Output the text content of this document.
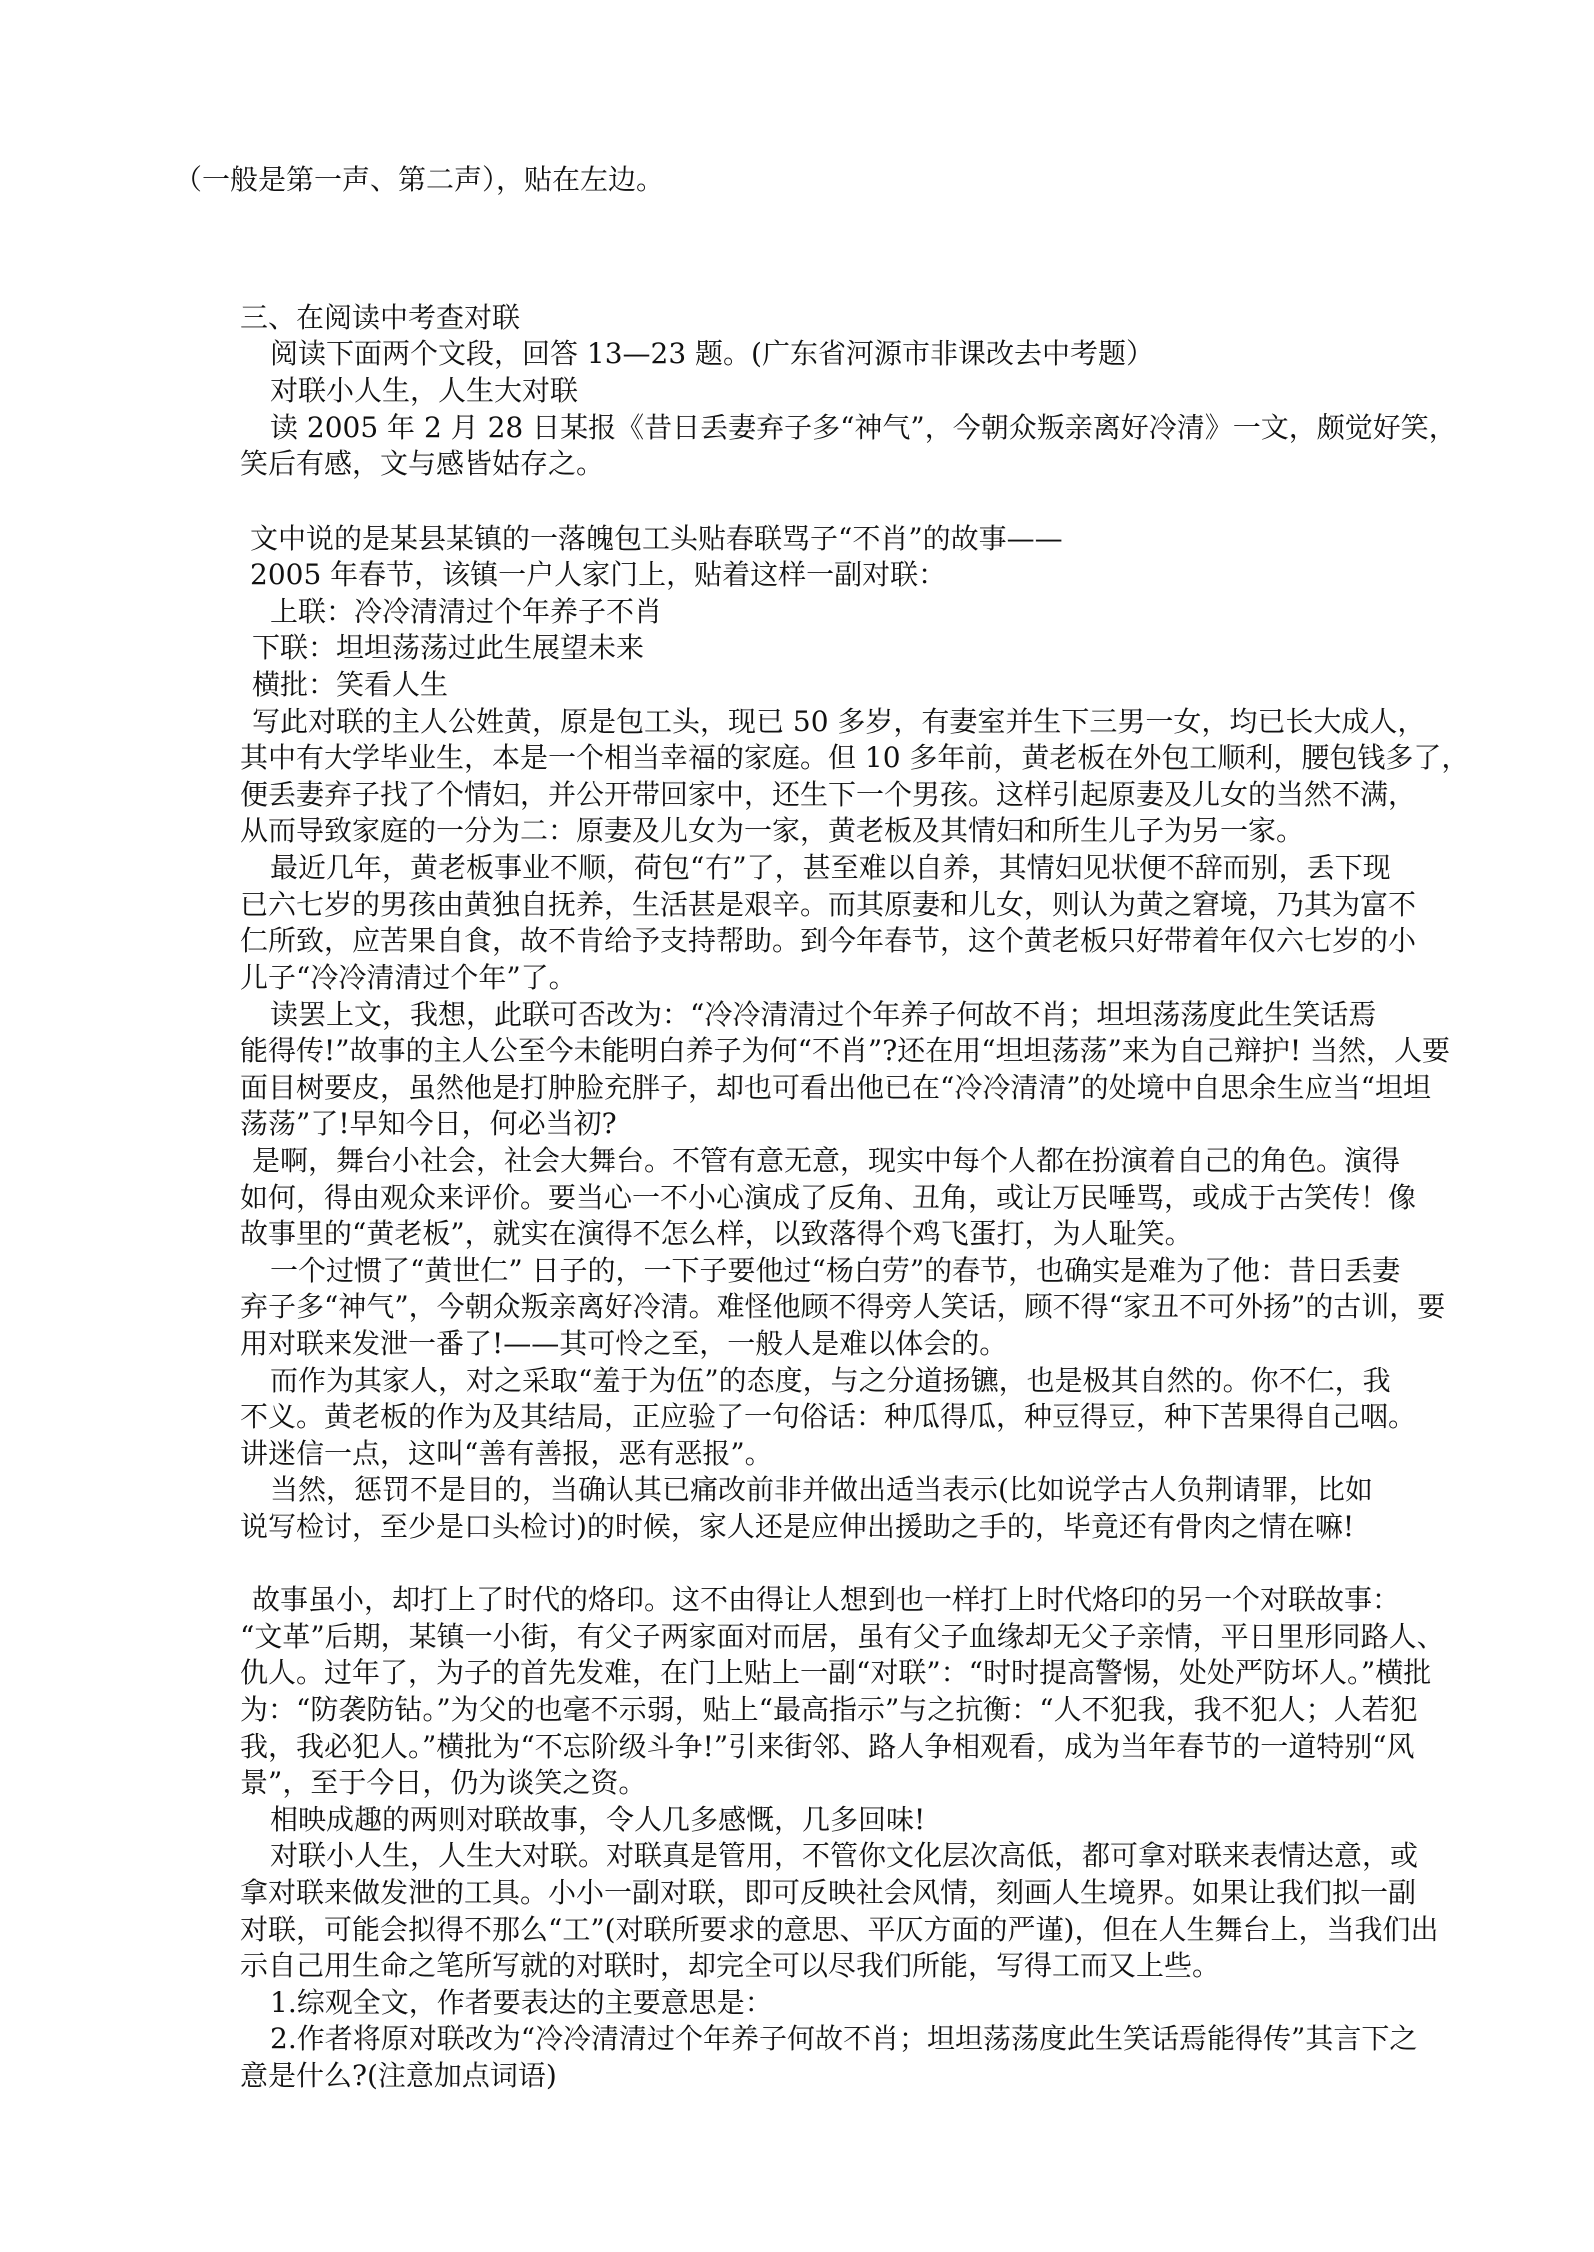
（一般是第一声、第二声），贴在左边。
三、在阅读中考查对联
阅读下面两个文段，回答 13—23 题。(广东省河源市非课改去中考题）
对联小人生，人生大对联
读 2005 年 2 月 28 日某报《昔日丢妻弃子多“神气”，今朝众叛亲离好冷清》一文，颇觉好笑，
笑后有感，文与感皆姑存之。
文中说的是某县某镇的一落魄包工头贴春联骂子“不肖”的故事——
2005 年春节，该镇一户人家门上，贴着这样一副对联：
上联：冷冷清清过个年养子不肖
下联：坦坦荡荡过此生展望未来
横批：笑看人生
写此对联的主人公姓黄，原是包工头，现已 50 多岁，有妻室并生下三男一女，均已长大成人，
其中有大学毕业生，本是一个相当幸福的家庭。但 10 多年前，黄老板在外包工顺利，腰包钱多了，
便丢妻弃子找了个情妇，并公开带回家中，还生下一个男孩。这样引起原妻及儿女的当然不满，
从而导致家庭的一分为二：原妻及儿女为一家，黄老板及其情妇和所生儿子为另一家。
最近几年，黄老板事业不顺，荷包“冇”了，甚至难以自养，其情妇见状便不辞而别，丢下现
已六七岁的男孩由黄独自抚养，生活甚是艰辛。而其原妻和儿女，则认为黄之窘境，乃其为富不
仁所致，应苦果自食，故不肯给予支持帮助。到今年春节，这个黄老板只好带着年仅六七岁的小
儿子“冷冷清清过个年”了。
读罢上文，我想，此联可否改为：“冷冷清清过个年养子何故不肖；坦坦荡荡度此生笑话焉
能得传!”故事的主人公至今未能明白养子为何“不肖”?还在用“坦坦荡荡”来为自己辩护! 当然，人要
面目树要皮，虽然他是打肿脸充胖子，却也可看出他已在“冷冷清清”的处境中自思余生应当“坦坦
荡荡”了!早知今日，何必当初?
是啊，舞台小社会，社会大舞台。不管有意无意，现实中每个人都在扮演着自己的角色。演得
如何，得由观众来评价。要当心一不小心演成了反角、丑角，或让万民唾骂，或成于古笑传！像
故事里的“黄老板”，就实在演得不怎么样，以致落得个鸡飞蛋打，为人耻笑。
一个过惯了“黄世仁” 日子的，一下子要他过“杨白劳”的春节，也确实是难为了他：昔日丢妻
弃子多“神气”，今朝众叛亲离好冷清。难怪他顾不得旁人笑话，顾不得“家丑不可外扬”的古训，要
用对联来发泄一番了!——其可怜之至，一般人是难以体会的。
而作为其家人，对之采取“羞于为伍”的态度，与之分道扬镳，也是极其自然的。你不仁，我
不义。黄老板的作为及其结局，正应验了一句俗话：种瓜得瓜，种豆得豆，种下苦果得自己咽。
讲迷信一点，这叫“善有善报，恶有恶报”。
当然，惩罚不是目的，当确认其已痛改前非并做出适当表示(比如说学古人负荆请罪，比如
说写检讨，至少是口头检讨)的时候，家人还是应伸出援助之手的，毕竟还有骨肉之情在嘛!
故事虽小，却打上了时代的烙印。这不由得让人想到也一样打上时代烙印的另一个对联故事：
“文革”后期，某镇一小街，有父子两家面对而居，虽有父子血缘却无父子亲情，平日里形同路人、
仇人。过年了，为子的首先发难，在门上贴上一副“对联”：“时时提高警惕，处处严防坏人。”横批
为：“防袭防钻。”为父的也毫不示弱，贴上“最高指示”与之抗衡：“人不犯我，我不犯人；人若犯
我，我必犯人。”横批为“不忘阶级斗争!”引来街邻、路人争相观看，成为当年春节的一道特别“风
景”，至于今日，仍为谈笑之资。
相映成趣的两则对联故事，令人几多感慨，几多回味!
对联小人生，人生大对联。对联真是管用，不管你文化层次高低，都可拿对联来表情达意，或
拿对联来做发泄的工具。小小一副对联，即可反映社会风情，刻画人生境界。如果让我们拟一副
对联，可能会拟得不那么“工”(对联所要求的意思、平仄方面的严谨)，但在人生舞台上，当我们出
示自己用生命之笔所写就的对联时，却完全可以尽我们所能，写得工而又上些。
1.综观全文，作者要表达的主要意思是：
2.作者将原对联改为“冷冷清清过个年养子何故不肖；坦坦荡荡度此生笑话焉能得传”其言下之
意是什么?(注意加点词语)
